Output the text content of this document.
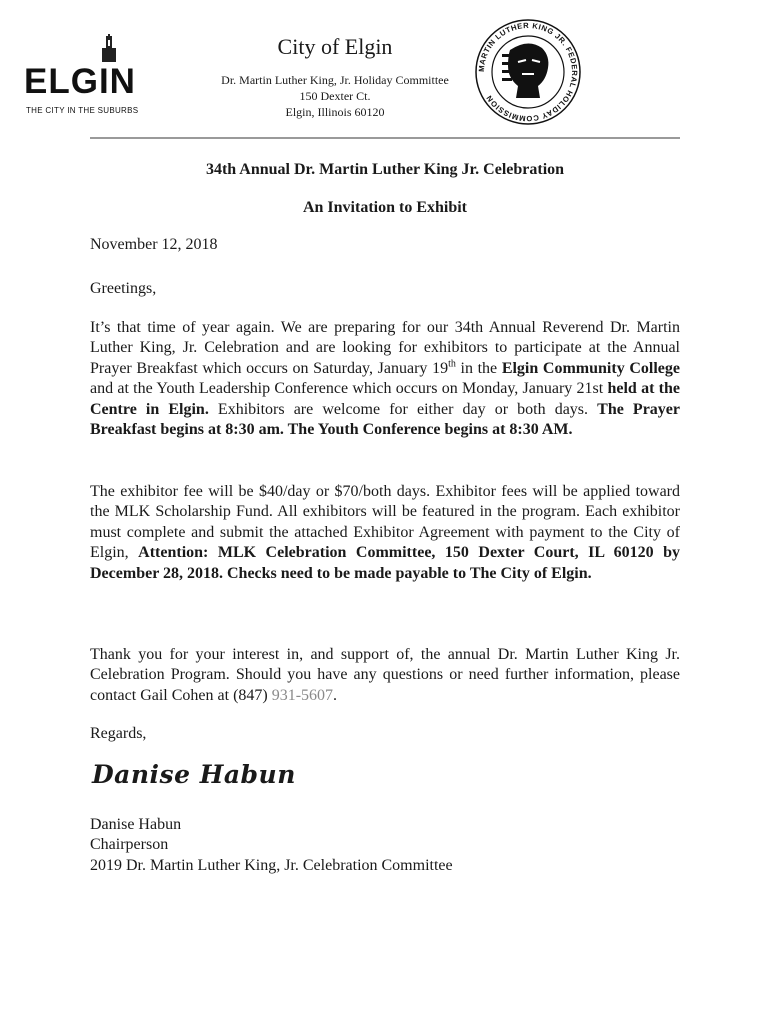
ELGIN
THE CITY IN THE SUBURBS
City of Elgin
Dr. Martin Luther King, Jr. Holiday Committee
150 Dexter Ct.
Elgin, Illinois 60120
MARTIN LUTHER KING JR. FEDERAL HOLIDAY COMMISSION
34th Annual Dr. Martin Luther King Jr. Celebration
An Invitation to Exhibit
November 12, 2018
Greetings,
It’s that time of year again. We are preparing for our 34th Annual Reverend Dr. Martin Luther King, Jr. Celebration and are looking for exhibitors to participate at the Annual Prayer Breakfast which occurs on Saturday, January 19th in the Elgin Community College and at the Youth Leadership Conference which occurs on Monday, January 21st held at the Centre in Elgin. Exhibitors are welcome for either day or both days. The Prayer Breakfast begins at 8:30 am. The Youth Conference begins at 8:30 AM.
The exhibitor fee will be $40/day or $70/both days. Exhibitor fees will be applied toward the MLK Scholarship Fund. All exhibitors will be featured in the program. Each exhibitor must complete and submit the attached Exhibitor Agreement with payment to the City of Elgin, Attention: MLK Celebration Committee, 150 Dexter Court, IL 60120 by December 28, 2018. Checks need to be made payable to The City of Elgin.
Thank you for your interest in, and support of, the annual Dr. Martin Luther King Jr. Celebration Program. Should you have any questions or need further information, please contact Gail Cohen at (847) 931-5607.
Regards,
Danise Habun
Danise Habun
Chairperson
2019 Dr. Martin Luther King, Jr. Celebration Committee
